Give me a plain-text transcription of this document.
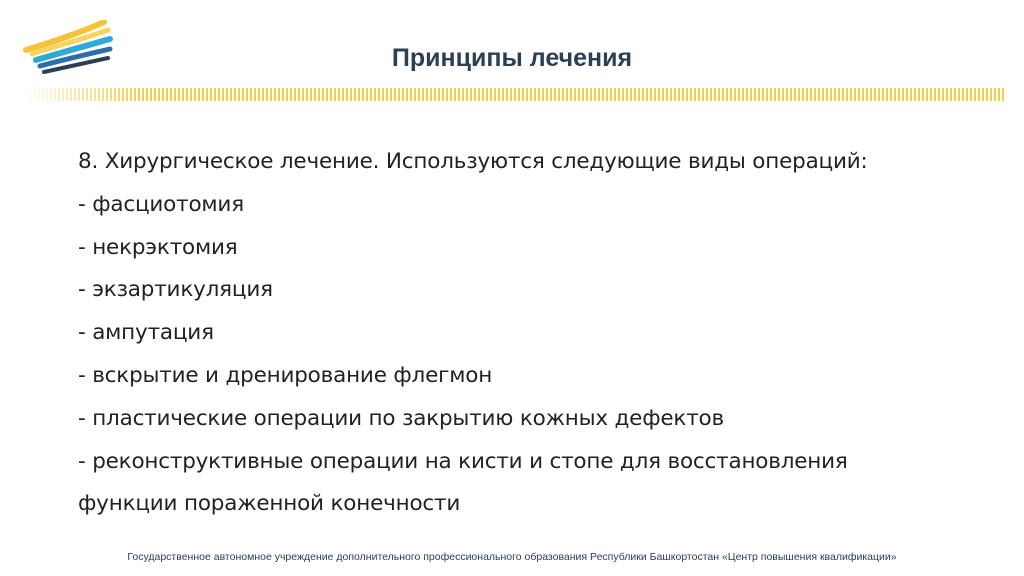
Принципы лечения
8. Хирургическое лечение. Используются следующие виды операций:
- фасциотомия
- некрэктомия
- экзартикуляция
- ампутация
- вскрытие и дренирование флегмон
- пластические операции по закрытию кожных дефектов
- реконструктивные операции на кисти и стопе для восстановления
функции пораженной конечности
Государственное автономное учреждение дополнительного профессионального образования Республики Башкортостан «Центр повышения квалификации»
